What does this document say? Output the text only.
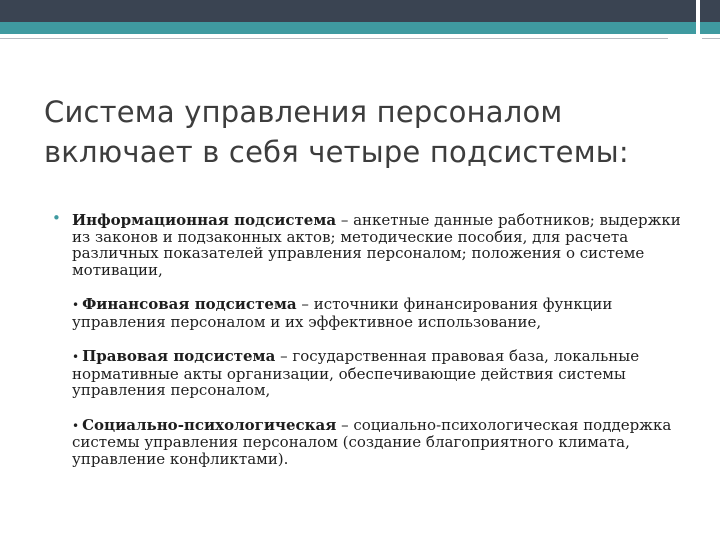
Система управления персоналом
включает в себя четыре подсистемы:
• Информационная подсистема – анкетные данные работников; выдержки из законов и подзаконных актов; методические пособия, для расчета различных показателей управления персоналом; положения о системе мотивации,

• Финансовая подсистема – источники финансирования функции управления персоналом и их эффективное использование,

• Правовая подсистема – государственная правовая база, локальные нормативные акты организации, обеспечивающие действия системы управления персоналом,

• Социально-психологическая – социально-психологическая поддержка системы управления персоналом (создание благоприятного климата, управление конфликтами).
